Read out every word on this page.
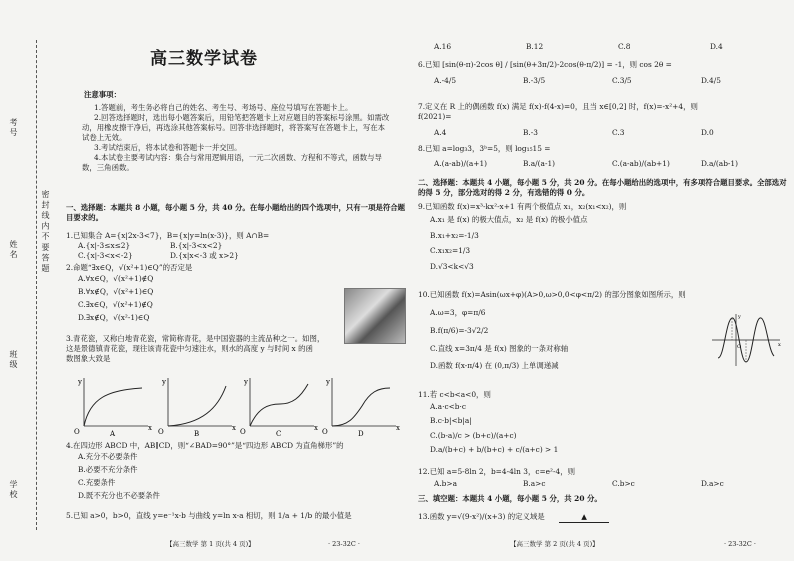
考号
姓名
班级
学校
密 封 线 内 不 要 答 题
高三数学试卷
注意事项：
1.答题前，考生务必将自己的姓名、考生号、考场号、座位号填写在答题卡上。
2.回答选择题时，选出每小题答案后，用铅笔把答题卡上对应题目的答案标号涂黑。如需改动，用橡皮擦干净后，再选涂其他答案标号。回答非选择题时，将答案写在答题卡上，写在本试卷上无效。
3.考试结束后，将本试卷和答题卡一并交回。
4.本试卷主要考试内容：集合与常用逻辑用语，一元二次函数、方程和不等式，函数与导数，三角函数。
一、选择题：本题共 8 小题，每小题 5 分，共 40 分。在每小题给出的四个选项中，只有一项是符合题目要求的。
1.已知集合 A={x|2x-3<7}，B={x|y=ln(x-3)}，则 A∩B=
A.{x|-3≤x≤2}	B.{x|-3<x<2}
C.{x|-3<x<-2}	D.{x|x<-3 或 x>2}
2.命题“∃x∈Q，√(x²+1)∈Q”的否定是
A.∀x∈Q，√(x²+1)∉Q
B.∀x∉Q，√(x²+1)∈Q
C.∃x∈Q，√(x²+1)∉Q
D.∃x∉Q，√(x²-1)∈Q
3.青花瓷，又称白地青花瓷，常简称青花，是中国瓷器的主流品种之一。如图，
这是景德镇青花瓷，现往该青花瓷中匀速注水，则水的高度 y 与时间 x 的函
数图象大致是
O
y
x
A	O
y
x
B	O
y
x
C	O
y
x
D
4.在四边形 ABCD 中，AB∥CD，则“∠BAD=90°”是“四边形 ABCD 为直角梯形”的
A.充分不必要条件
B.必要不充分条件
C.充要条件
D.既不充分也不必要条件
5.已知 a>0，b>0，直线 y=e⁻¹x-b 与曲线 y=ln x-a 相切，则 1/a + 1/b 的最小值是
【高三数学 第 1 页(共 4 页)】	· 23-32C ·
A.16	B.12	C.8	D.4
6.已知 [sin(θ-π)-2cos θ] / [sin(θ+3π/2)-2cos(θ-π/2)] = -1，则 cos 2θ =
A.-4/5	B.-3/5	C.3/5	D.4/5
7.定义在 R 上的偶函数 f(x) 满足 f(x)-f(4-x)=0，且当 x∈[0,2] 时，f(x)=-x²+4，则
f(2021)=
A.4	B.-3	C.3	D.0
8.已知 a=log₃3，3ᵇ=5，则 log₁₅15 =
A.(a-ab)/(a+1)	B.a/(a-1)	C.(a-ab)/(ab+1)	D.a/(ab-1)
二、选择题：本题共 4 小题，每小题 5 分，共 20 分。在每小题给出的选项中，有多项符合题目要求。全部选对的得 5 分，部分选对的得 2 分，有选错的得 0 分。
9.已知函数 f(x)=x³-kx²-x+1 有两个极值点 x₁，x₂(x₁<x₂)，则
A.x₁ 是 f(x) 的极大值点，x₂ 是 f(x) 的极小值点
B.x₁+x₂=-1/3
C.x₁x₂=1/3
D.√3<k<√3
10.已知函数 f(x)=Asin(ωx+φ)(A>0,ω>0,0<φ<π/2) 的部分图象如图所示，则
A.ω=3，φ=π/6
B.f(π/6)=-3√2/2
C.直线 x=3π/4 是 f(x) 图象的一条对称轴
D.函数 f(x-π/4) 在 (0,π/3) 上单调递减
O	x
y
11.若 c<b<a<0，则
A.a·c<b·c
B.c·b|<b|a|
C.(b-a)/c > (b+c)/(a+c)
D.a/(b+c) + b/(b+c) + c/(a+c) > 1
12.已知 a=5-8ln 2，b=4-4ln 3，c=e²-4，则
A.b>a	B.a>c	C.b>c	D.a>c
三、填空题：本题共 4 小题，每小题 5 分，共 20 分。
13.函数 y=√(9-x²)/(x+3) 的定义域是	▲
【高三数学 第 2 页(共 4 页)】	· 23-32C ·
